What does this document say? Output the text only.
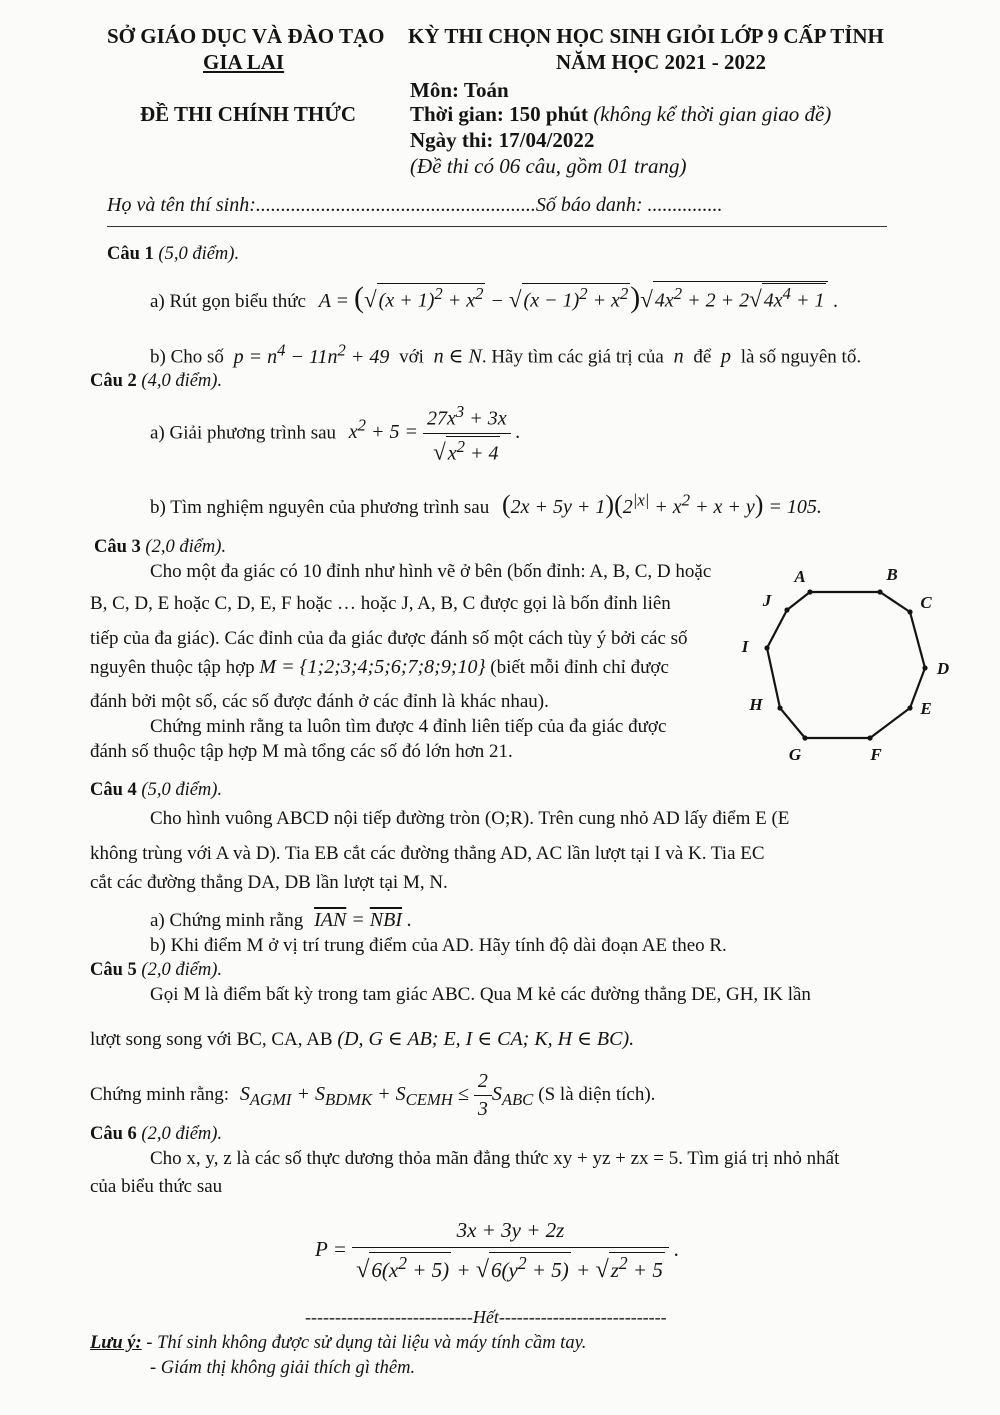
SỞ GIÁO DỤC VÀ ĐÀO TẠO
GIA LAI
ĐỀ THI CHÍNH THỨC
KỲ THI CHỌN HỌC SINH GIỎI LỚP 9 CẤP TỈNH
NĂM HỌC 2021 - 2022
Môn: Toán
Thời gian: 150 phút (không kể thời gian giao đề)
Ngày thi: 17/04/2022
(Đề thi có 06 câu, gồm 01 trang)
Họ và tên thí sinh:........................................................Số báo danh: ...............
Câu 1 (5,0 điểm).
a) Rút gọn biểu thức A = (√ $(x + 1)^2 + x^2$ − √ $(x - 1)^2 + x^2)√$ $4x^2 + 2 + 2√$ $4x^4 + 1$ .
b) Cho số  $p = n^4 - 11n^2 + 49$  với  n ∈ N. Hãy tìm các giá trị của  n  để  p  là số nguyên tố.
Câu 2 (4,0 điểm).
a) Giải phương trình sau $x^2 + 5 = \frac{27x^3 + 3x}{√ x^2 + 4}$ .
b) Tìm nghiệm nguyên của phương trình sau $(2x + 5y + 1)(2^{|x|} + x^2 + x + y) = 105$.
Câu 3 (2,0 điểm).
Cho một đa giác có 10 đỉnh như hình vẽ ở bên (bốn đỉnh: A, B, C, D hoặc
B, C, D, E hoặc C, D, E, F hoặc … hoặc J, A, B, C được gọi là bốn đỉnh liên
tiếp của đa giác). Các đỉnh của đa giác được đánh số một cách tùy ý bởi các số
nguyên thuộc tập hợp M = {1;2;3;4;5;6;7;8;9;10} (biết mỗi đỉnh chỉ được
đánh bởi một số, các số được đánh ở các đỉnh là khác nhau).
Chứng minh rằng ta luôn tìm được 4 đỉnh liên tiếp của đa giác được
đánh số thuộc tập hợp M mà tổng các số đó lớn hơn 21.
A	B
C
D
E
F
G
H
I
J
Câu 4 (5,0 điểm).
Cho hình vuông ABCD nội tiếp đường tròn (O;R). Trên cung nhỏ AD lấy điểm E (E
không trùng với A và D). Tia EB cắt các đường thẳng AD, AC lần lượt tại I và K. Tia EC
cắt các đường thẳng DA, DB lần lượt tại M, N.
a) Chứng minh rằng $\overline{IAN} = \overline{NBI}$ .
b) Khi điểm M ở vị trí trung điểm của AD. Hãy tính độ dài đoạn AE theo R.
Câu 5 (2,0 điểm).
Gọi M là điểm bất kỳ trong tam giác ABC. Qua M kẻ các đường thẳng DE, GH, IK lần
lượt song song với BC, CA, AB (D, G ∈ AB; E, I ∈ CA; K, H ∈ BC).
Chứng minh rằng: $S_{AGMI} + S_{BDMK} + S_{CEMH} \le \frac{2}{3} S_{ABC}$ (S là diện tích).
Câu 6 (2,0 điểm).
Cho x, y, z là các số thực dương thỏa mãn đẳng thức xy + yz + zx = 5. Tìm giá trị nhỏ nhất
của biểu thức sau
$P = \frac{3x + 3y + 2z}{√6(x^2 + 5) + √6(y^2 + 5) + √z^2 + 5}$ .
----------------------------Hết----------------------------
Lưu ý: - Thí sinh không được sử dụng tài liệu và máy tính cầm tay.
- Giám thị không giải thích gì thêm.
